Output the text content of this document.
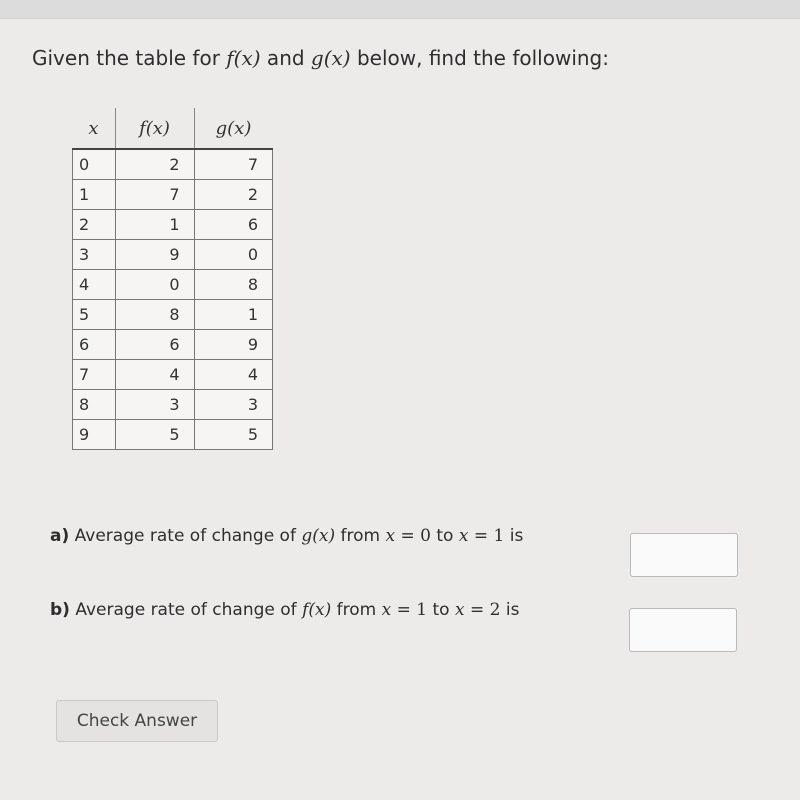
Given the table for f(x) and g(x) below, find the following:
x	f(x)	g(x)
0	2	7
1	7	2
2	1	6
3	9	0
4	0	8
5	8	1
6	6	9
7	4	4
8	3	3
9	5	5
a) Average rate of change of g(x) from x = 0 to x = 1 is
b) Average rate of change of f(x) from x = 1 to x = 2 is
Check Answer
